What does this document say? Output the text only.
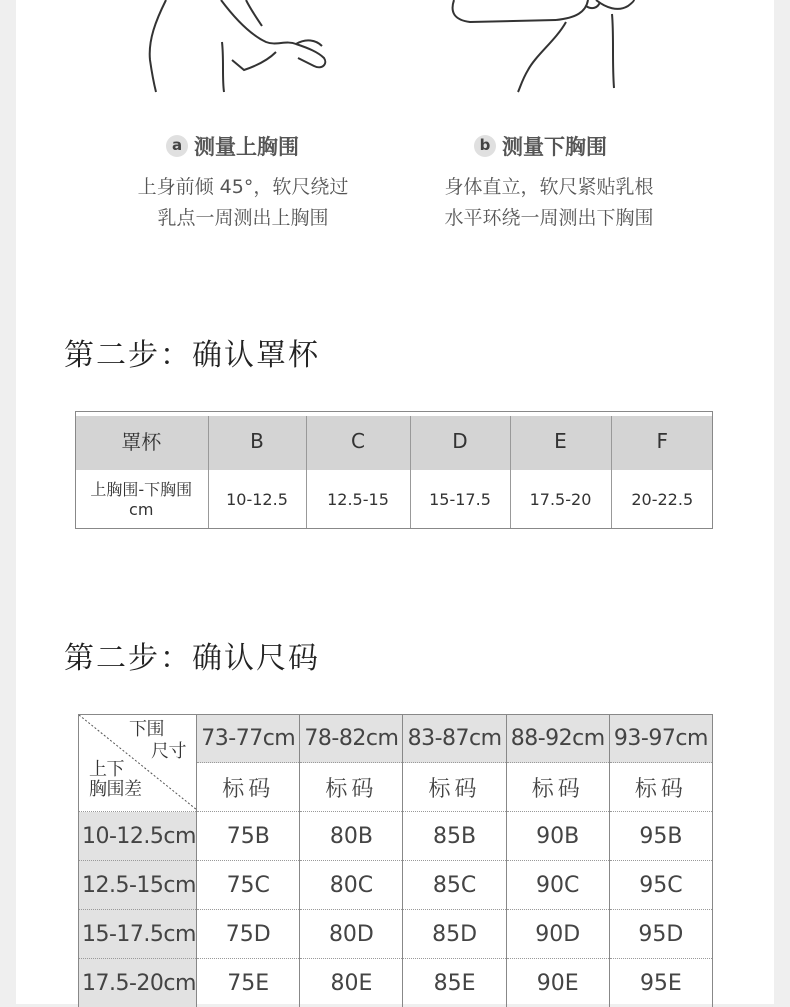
a 测量上胸围
上身前倾 45°，软尺绕过
乳点一周测出上胸围
b 测量下胸围
身体直立，软尺紧贴乳根
水平环绕一周测出下胸围
第二步：确认罩杯
罩杯	B	C	D	E	F

上胸围-下胸围
cm	10-12.5	12.5-15	15-17.5	17.5-20	20-22.5
第二步：确认尺码
下围
尺寸
上下
胸围差	73-77cm	78-82cm	83-87cm	88-92cm	93-97cm
	标码	标码	标码	标码	标码
10-12.5cm	75B	80B	85B	90B	95B
12.5-15cm	75C	80C	85C	90C	95C
15-17.5cm	75D	80D	85D	90D	95D
17.5-20cm	75E	80E	85E	90E	95E
